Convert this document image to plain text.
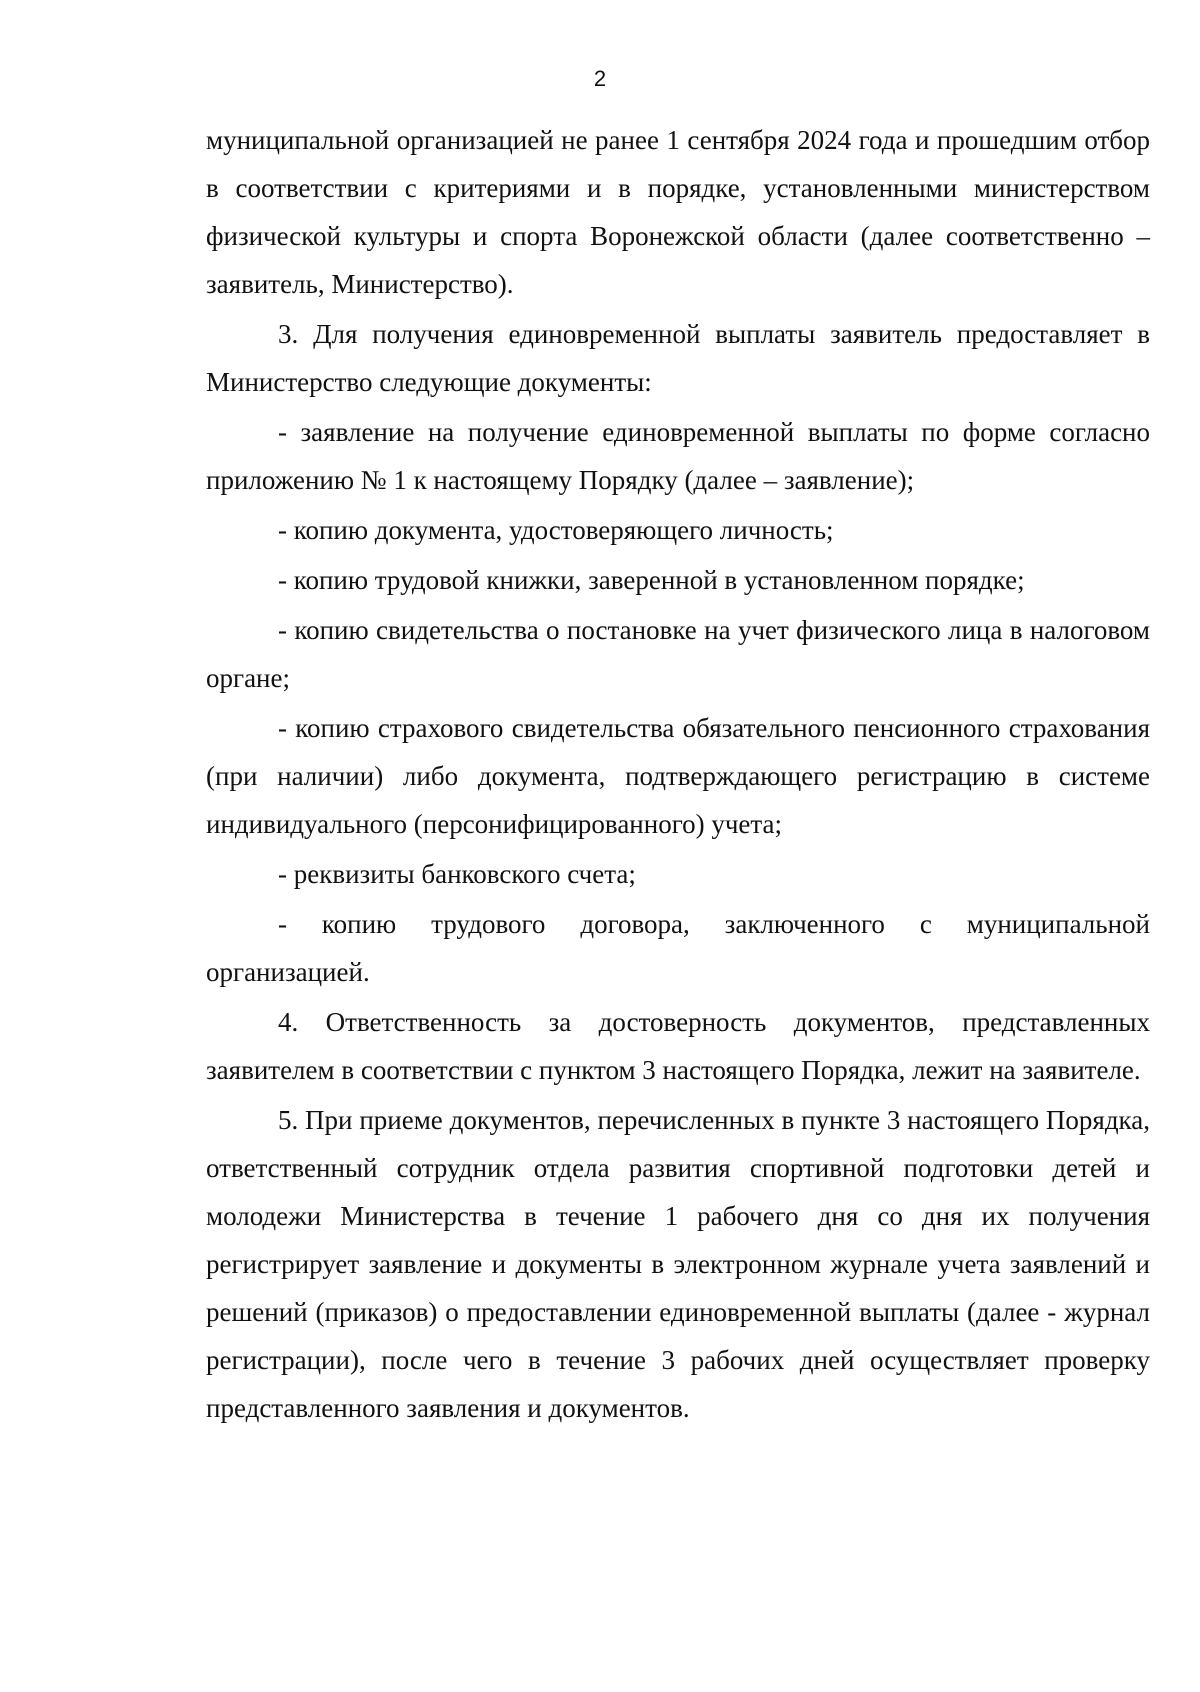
2

муниципальной организацией не ранее 1 сентября 2024 года и прошедшим отбор в соответствии с критериями и в порядке, установленными министерством физической культуры и спорта Воронежской области (далее соответственно – заявитель, Министерство).

3. Для получения единовременной выплаты заявитель предоставляет в Министерство следующие документы:

- заявление на получение единовременной выплаты по форме согласно приложению № 1 к настоящему Порядку (далее – заявление);

- копию документа, удостоверяющего личность;

- копию трудовой книжки, заверенной в установленном порядке;

- копию свидетельства о постановке на учет физического лица в налоговом органе;

- копию страхового свидетельства обязательного пенсионного страхования (при наличии) либо документа, подтверждающего регистрацию в системе индивидуального (персонифицированного) учета;

- реквизиты банковского счета;

- копию трудового договора, заключенного с муниципальной организацией.

4. Ответственность за достоверность документов, представленных заявителем в соответствии с пунктом 3 настоящего Порядка, лежит на заявителе.

5. При приеме документов, перечисленных в пункте 3 настоящего Порядка, ответственный сотрудник отдела развития спортивной подготовки детей и молодежи Министерства в течение 1 рабочего дня со дня их получения регистрирует заявление и документы в электронном журнале учета заявлений и решений (приказов) о предоставлении единовременной выплаты (далее - журнал регистрации), после чего в течение 3 рабочих дней осуществляет проверку представленного заявления и документов.
